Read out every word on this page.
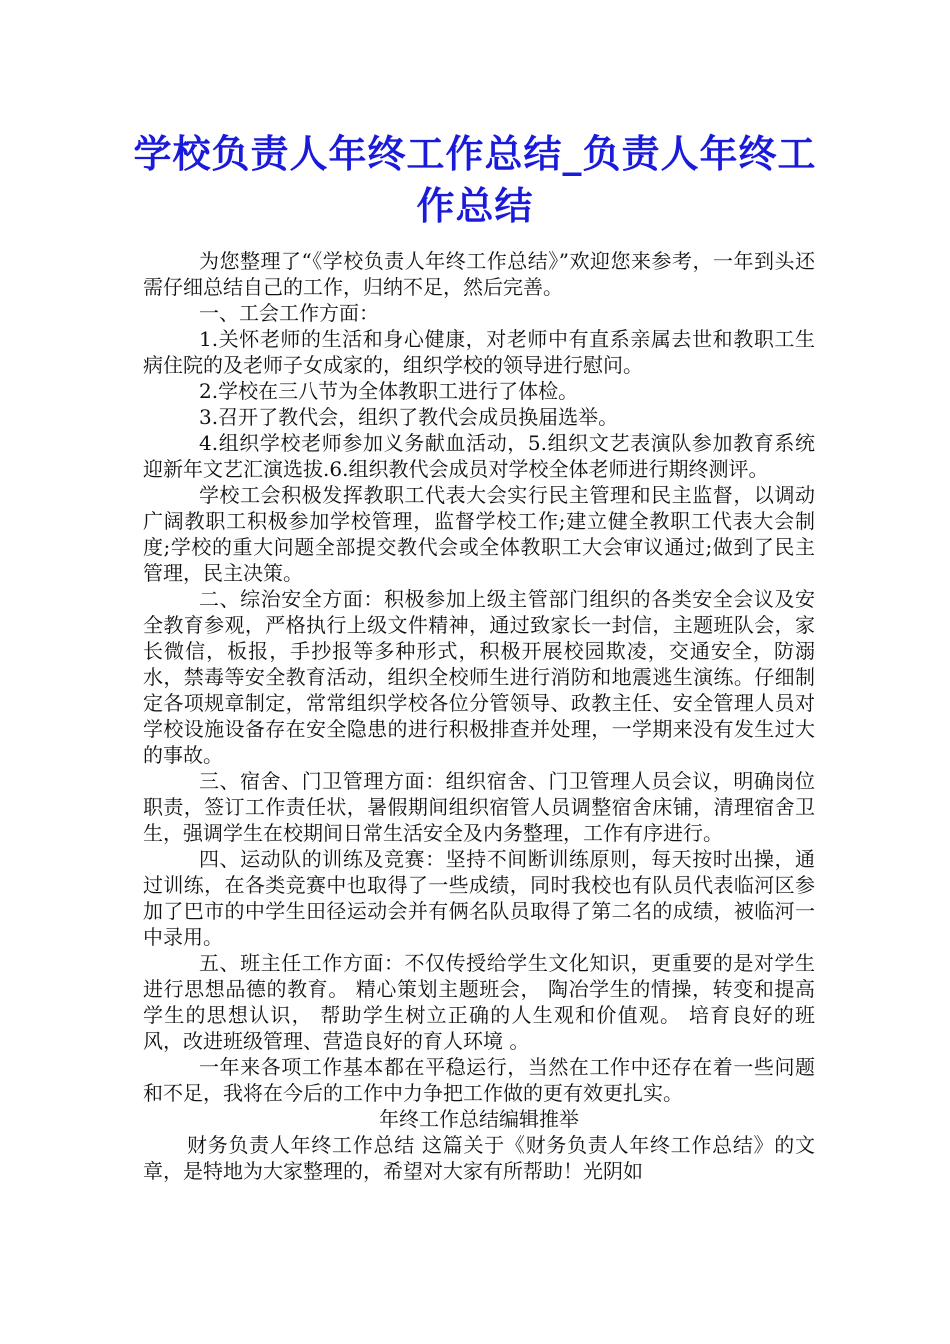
学校负责人年终工作总结_负责人年终工作总结

为您整理了“《学校负责人年终工作总结》”欢迎您来参考，一年到头还需仔细总结自己的工作，归纳不足，然后完善。

一、工会工作方面：

1.关怀老师的生活和身心健康，对老师中有直系亲属去世和教职工生病住院的及老师子女成家的，组织学校的领导进行慰问。

2.学校在三八节为全体教职工进行了体检。

3.召开了教代会，组织了教代会成员换届选举。

4.组织学校老师参加义务献血活动，5.组织文艺表演队参加教育系统迎新年文艺汇演选拔.6.组织教代会成员对学校全体老师进行期终测评。

学校工会积极发挥教职工代表大会实行民主管理和民主监督，以调动广阔教职工积极参加学校管理，监督学校工作;建立健全教职工代表大会制度;学校的重大问题全部提交教代会或全体教职工大会审议通过;做到了民主管理，民主决策。

二、综治安全方面：积极参加上级主管部门组织的各类安全会议及安全教育参观，严格执行上级文件精神，通过致家长一封信，主题班队会，家长微信，板报，手抄报等多种形式，积极开展校园欺凌，交通安全，防溺水，禁毒等安全教育活动，组织全校师生进行消防和地震逃生演练。仔细制定各项规章制定，常常组织学校各位分管领导、政教主任、安全管理人员对学校设施设备存在安全隐患的进行积极排查并处理，一学期来没有发生过大的事故。

三、宿舍、门卫管理方面：组织宿舍、门卫管理人员会议，明确岗位职责，签订工作责任状，暑假期间组织宿管人员调整宿舍床铺，清理宿舍卫生，强调学生在校期间日常生活安全及内务整理，工作有序进行。

四、运动队的训练及竞赛：坚持不间断训练原则，每天按时出操，通过训练，在各类竞赛中也取得了一些成绩，同时我校也有队员代表临河区参加了巴市的中学生田径运动会并有俩名队员取得了第二名的成绩，被临河一中录用。

五、班主任工作方面：不仅传授给学生文化知识，更重要的是对学生进行思想品德的教育。 精心策划主题班会， 陶冶学生的情操，转变和提高学生的思想认识， 帮助学生树立正确的人生观和价值观。 培育良好的班风，改进班级管理、营造良好的育人环境 。

一年来各项工作基本都在平稳运行，当然在工作中还存在着一些问题和不足，我将在今后的工作中力争把工作做的更有效更扎实。

年终工作总结编辑推举

财务负责人年终工作总结 这篇关于《财务负责人年终工作总结》的文章，是特地为大家整理的，希望对大家有所帮助！光阴如
